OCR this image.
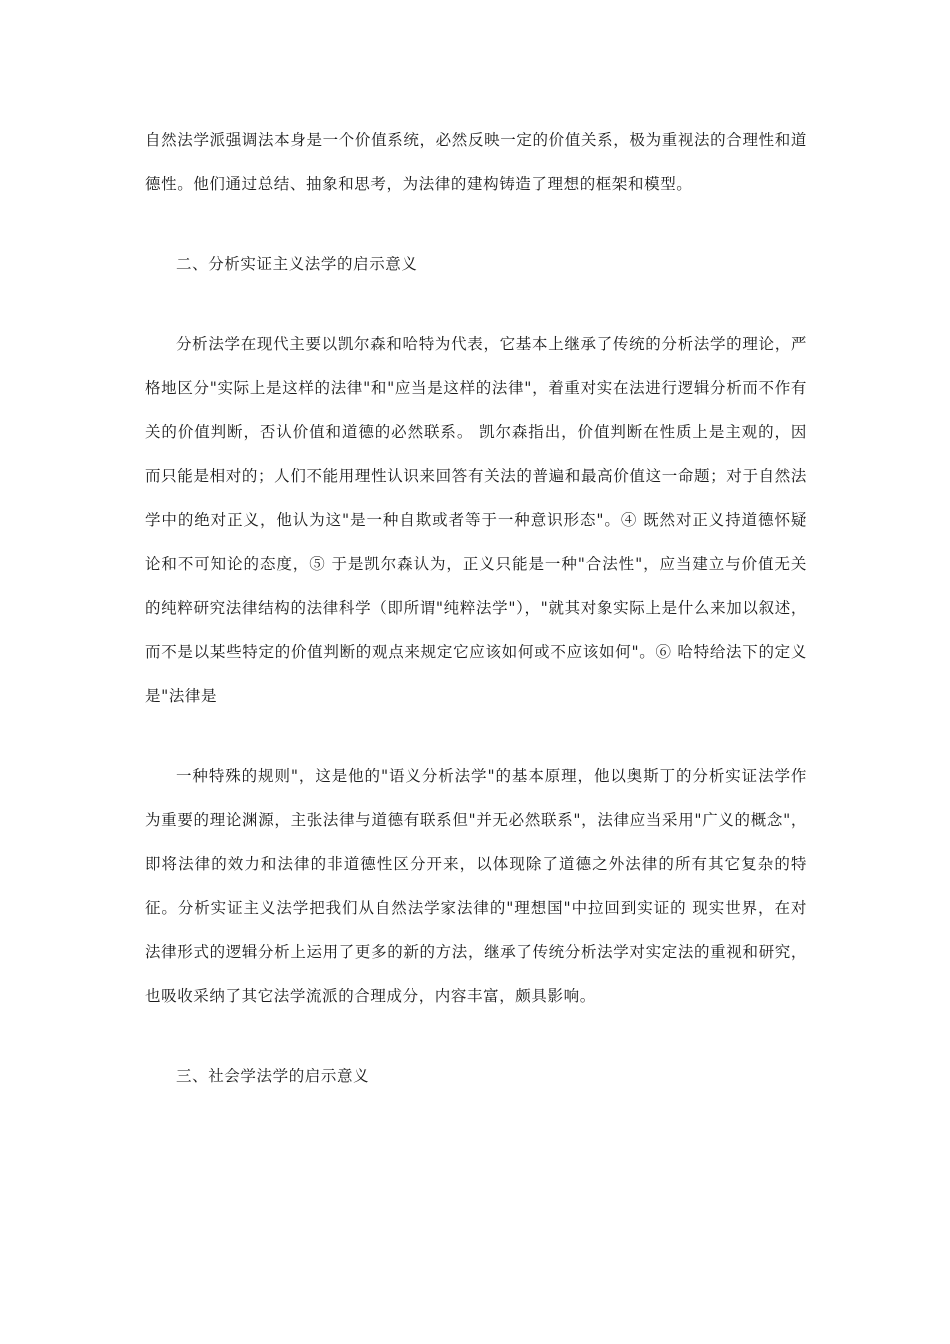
自然法学派强调法本身是一个价值系统，必然反映一定的价值关系，极为重视法的合理性和道德性。他们通过总结、抽象和思考，为法律的建构铸造了理想的框架和模型。

二、分析实证主义法学的启示意义

分析法学在现代主要以凯尔森和哈特为代表，它基本上继承了传统的分析法学的理论，严格地区分"实际上是这样的法律"和"应当是这样的法律"，着重对实在法进行逻辑分析而不作有关的价值判断，否认价值和道德的必然联系。 凯尔森指出，价值判断在性质上是主观的，因而只能是相对的；人们不能用理性认识来回答有关法的普遍和最高价值这一命题；对于自然法学中的绝对正义，他认为这"是一种自欺或者等于一种意识形态"。④ 既然对正义持道德怀疑论和不可知论的态度，⑤ 于是凯尔森认为，正义只能是一种"合法性"，应当建立与价值无关的纯粹研究法律结构的法律科学（即所谓"纯粹法学"），"就其对象实际上是什么来加以叙述，而不是以某些特定的价值判断的观点来规定它应该如何或不应该如何"。⑥ 哈特给法下的定义是"法律是

一种特殊的规则"，这是他的"语义分析法学"的基本原理，他以奥斯丁的分析实证法学作为重要的理论渊源，主张法律与道德有联系但"并无必然联系"，法律应当采用"广义的概念"，即将法律的效力和法律的非道德性区分开来，以体现除了道德之外法律的所有其它复杂的特征。分析实证主义法学把我们从自然法学家法律的"理想国"中拉回到实证的 现实世界，在对法律形式的逻辑分析上运用了更多的新的方法，继承了传统分析法学对实定法的重视和研究，也吸收采纳了其它法学流派的合理成分，内容丰富，颇具影响。

三、社会学法学的启示意义
